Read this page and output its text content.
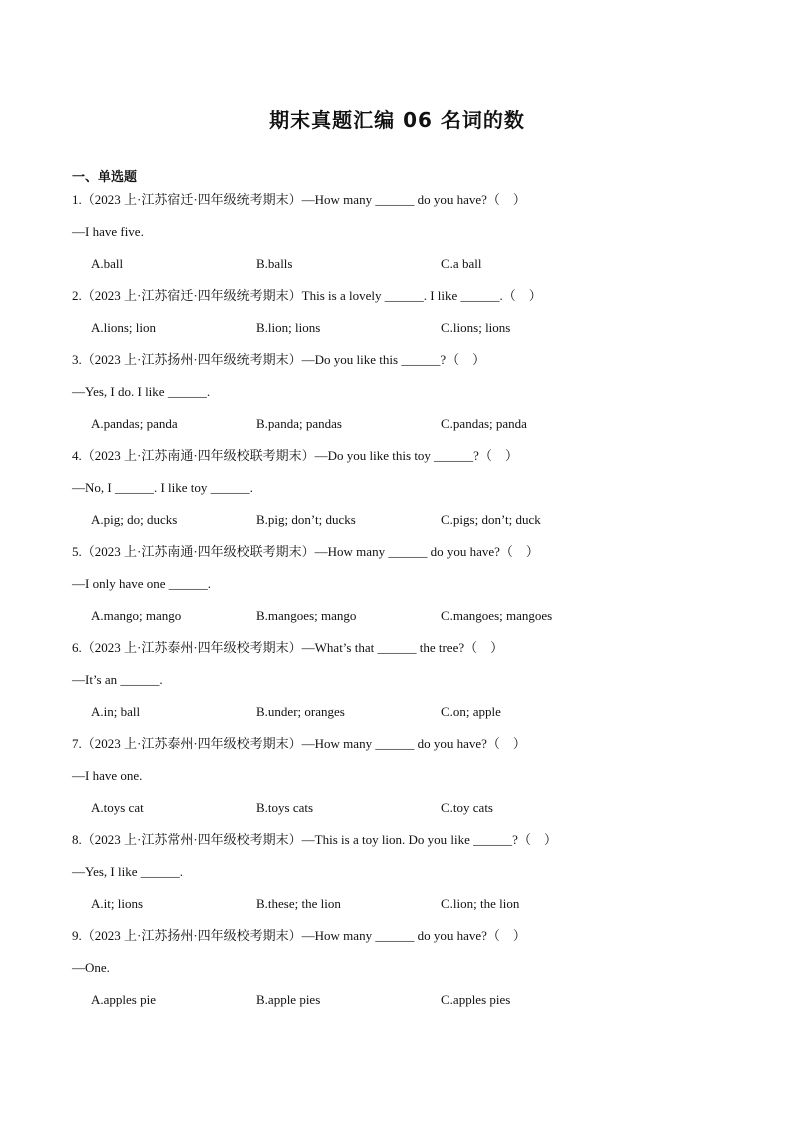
期末真题汇编 06 名词的数
一、单选题
1.（2023 上·江苏宿迁·四年级统考期末）—How many ______ do you have?（　）
—I have five.
A.ball	B.balls	C.a ball
2.（2023 上·江苏宿迁·四年级统考期末）This is a lovely ______. I like ______.（　）
A.lions; lion	B.lion; lions	C.lions; lions
3.（2023 上·江苏扬州·四年级统考期末）—Do you like this ______?（　）
—Yes, I do. I like ______.
A.pandas; panda	B.panda; pandas	C.pandas; panda
4.（2023 上·江苏南通·四年级校联考期末）—Do you like this toy ______?（　）
—No, I ______. I like toy ______.
A.pig; do; ducks	B.pig; don’t; ducks	C.pigs; don’t; duck
5.（2023 上·江苏南通·四年级校联考期末）—How many ______ do you have?（　）
—I only have one ______.
A.mango; mango	B.mangoes; mango	C.mangoes; mangoes
6.（2023 上·江苏泰州·四年级校考期末）—What’s that ______ the tree?（　）
—It’s an ______.
A.in; ball	B.under; oranges	C.on; apple
7.（2023 上·江苏泰州·四年级校考期末）—How many ______ do you have?（　）
—I have one.
A.toys cat	B.toys cats	C.toy cats
8.（2023 上·江苏常州·四年级校考期末）—This is a toy lion. Do you like ______?（　）
—Yes, I like ______.
A.it; lions	B.these; the lion	C.lion; the lion
9.（2023 上·江苏扬州·四年级校考期末）—How many ______ do you have?（　）
—One.
A.apples pie	B.apple pies	C.apples pies
